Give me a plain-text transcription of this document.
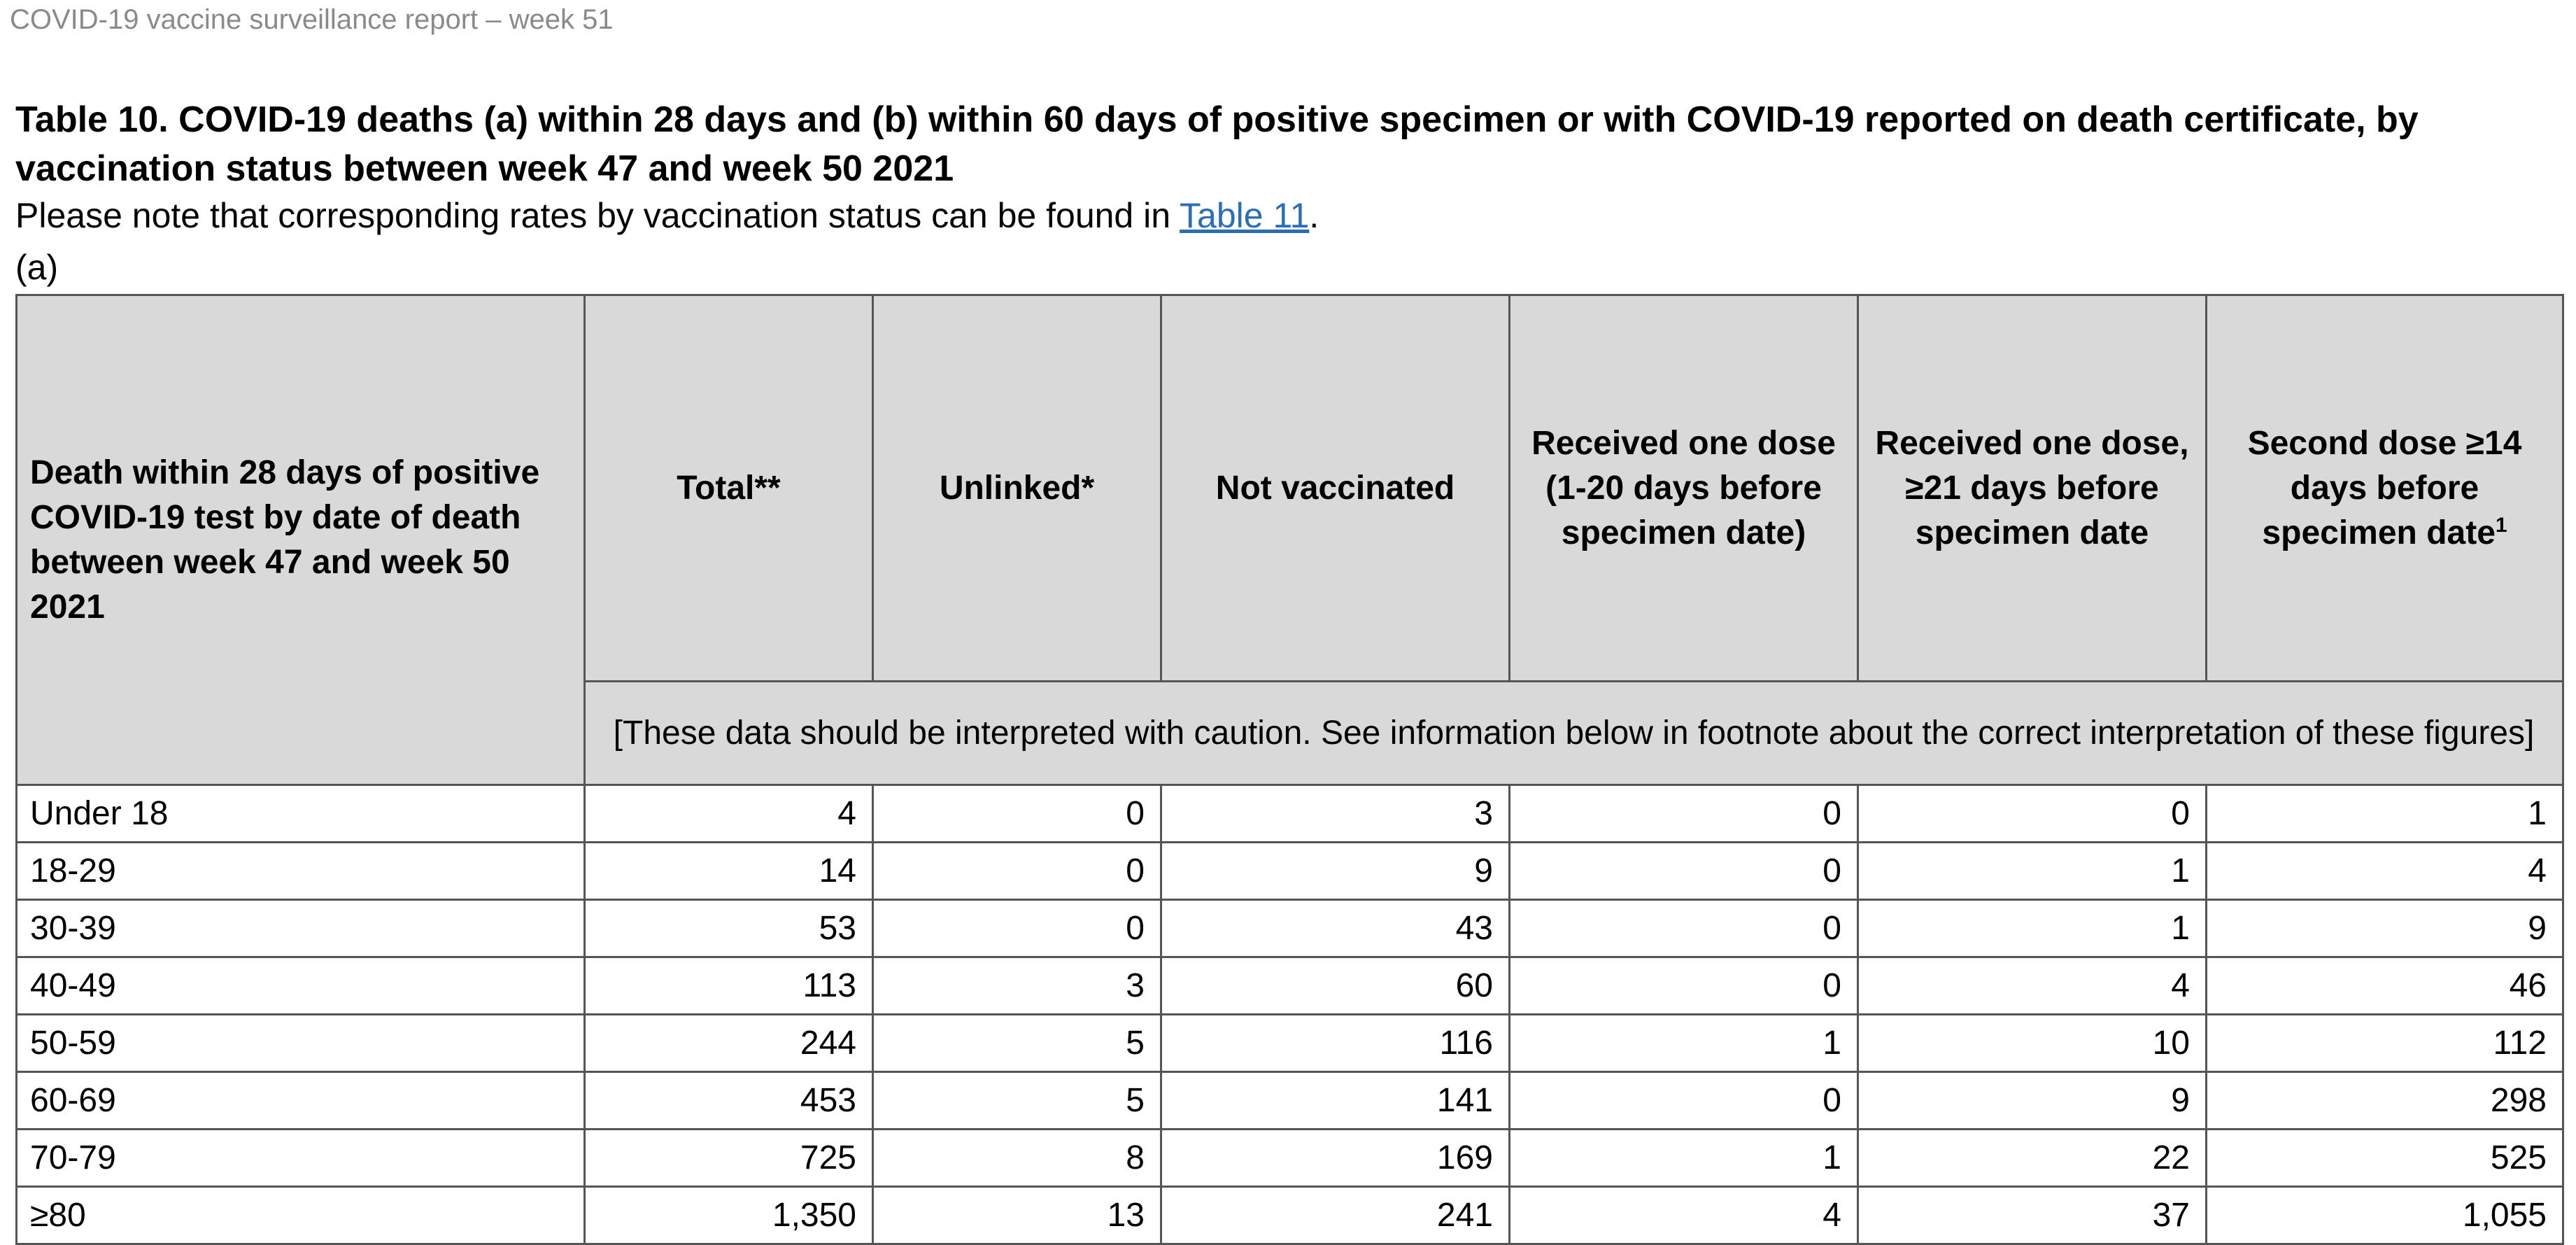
COVID-19 vaccine surveillance report – week 51
Table 10. COVID-19 deaths (a) within 28 days and (b) within 60 days of positive specimen or with COVID-19 reported on death certificate, by vaccination status between week 47 and week 50 2021
Please note that corresponding rates by vaccination status can be found in Table 11.
(a)
Death within 28 days of positive COVID-19 test by date of death between week 47 and week 50 2021	Total**	Unlinked*	Not vaccinated	Received one dose (1-20 days before specimen date)	Received one dose, ≥21 days before specimen date	Second dose ≥14 days before specimen date$^1$
	[These data should be interpreted with caution. See information below in footnote about the correct interpretation of these figures]					
Under 18	4	0	3	0	0	1
18-29	14	0	9	0	1	4
30-39	53	0	43	0	1	9
40-49	113	3	60	0	4	46
50-59	244	5	116	1	10	112
60-69	453	5	141	0	9	298
70-79	725	8	169	1	22	525
≥80	1,350	13	241	4	37	1,055
